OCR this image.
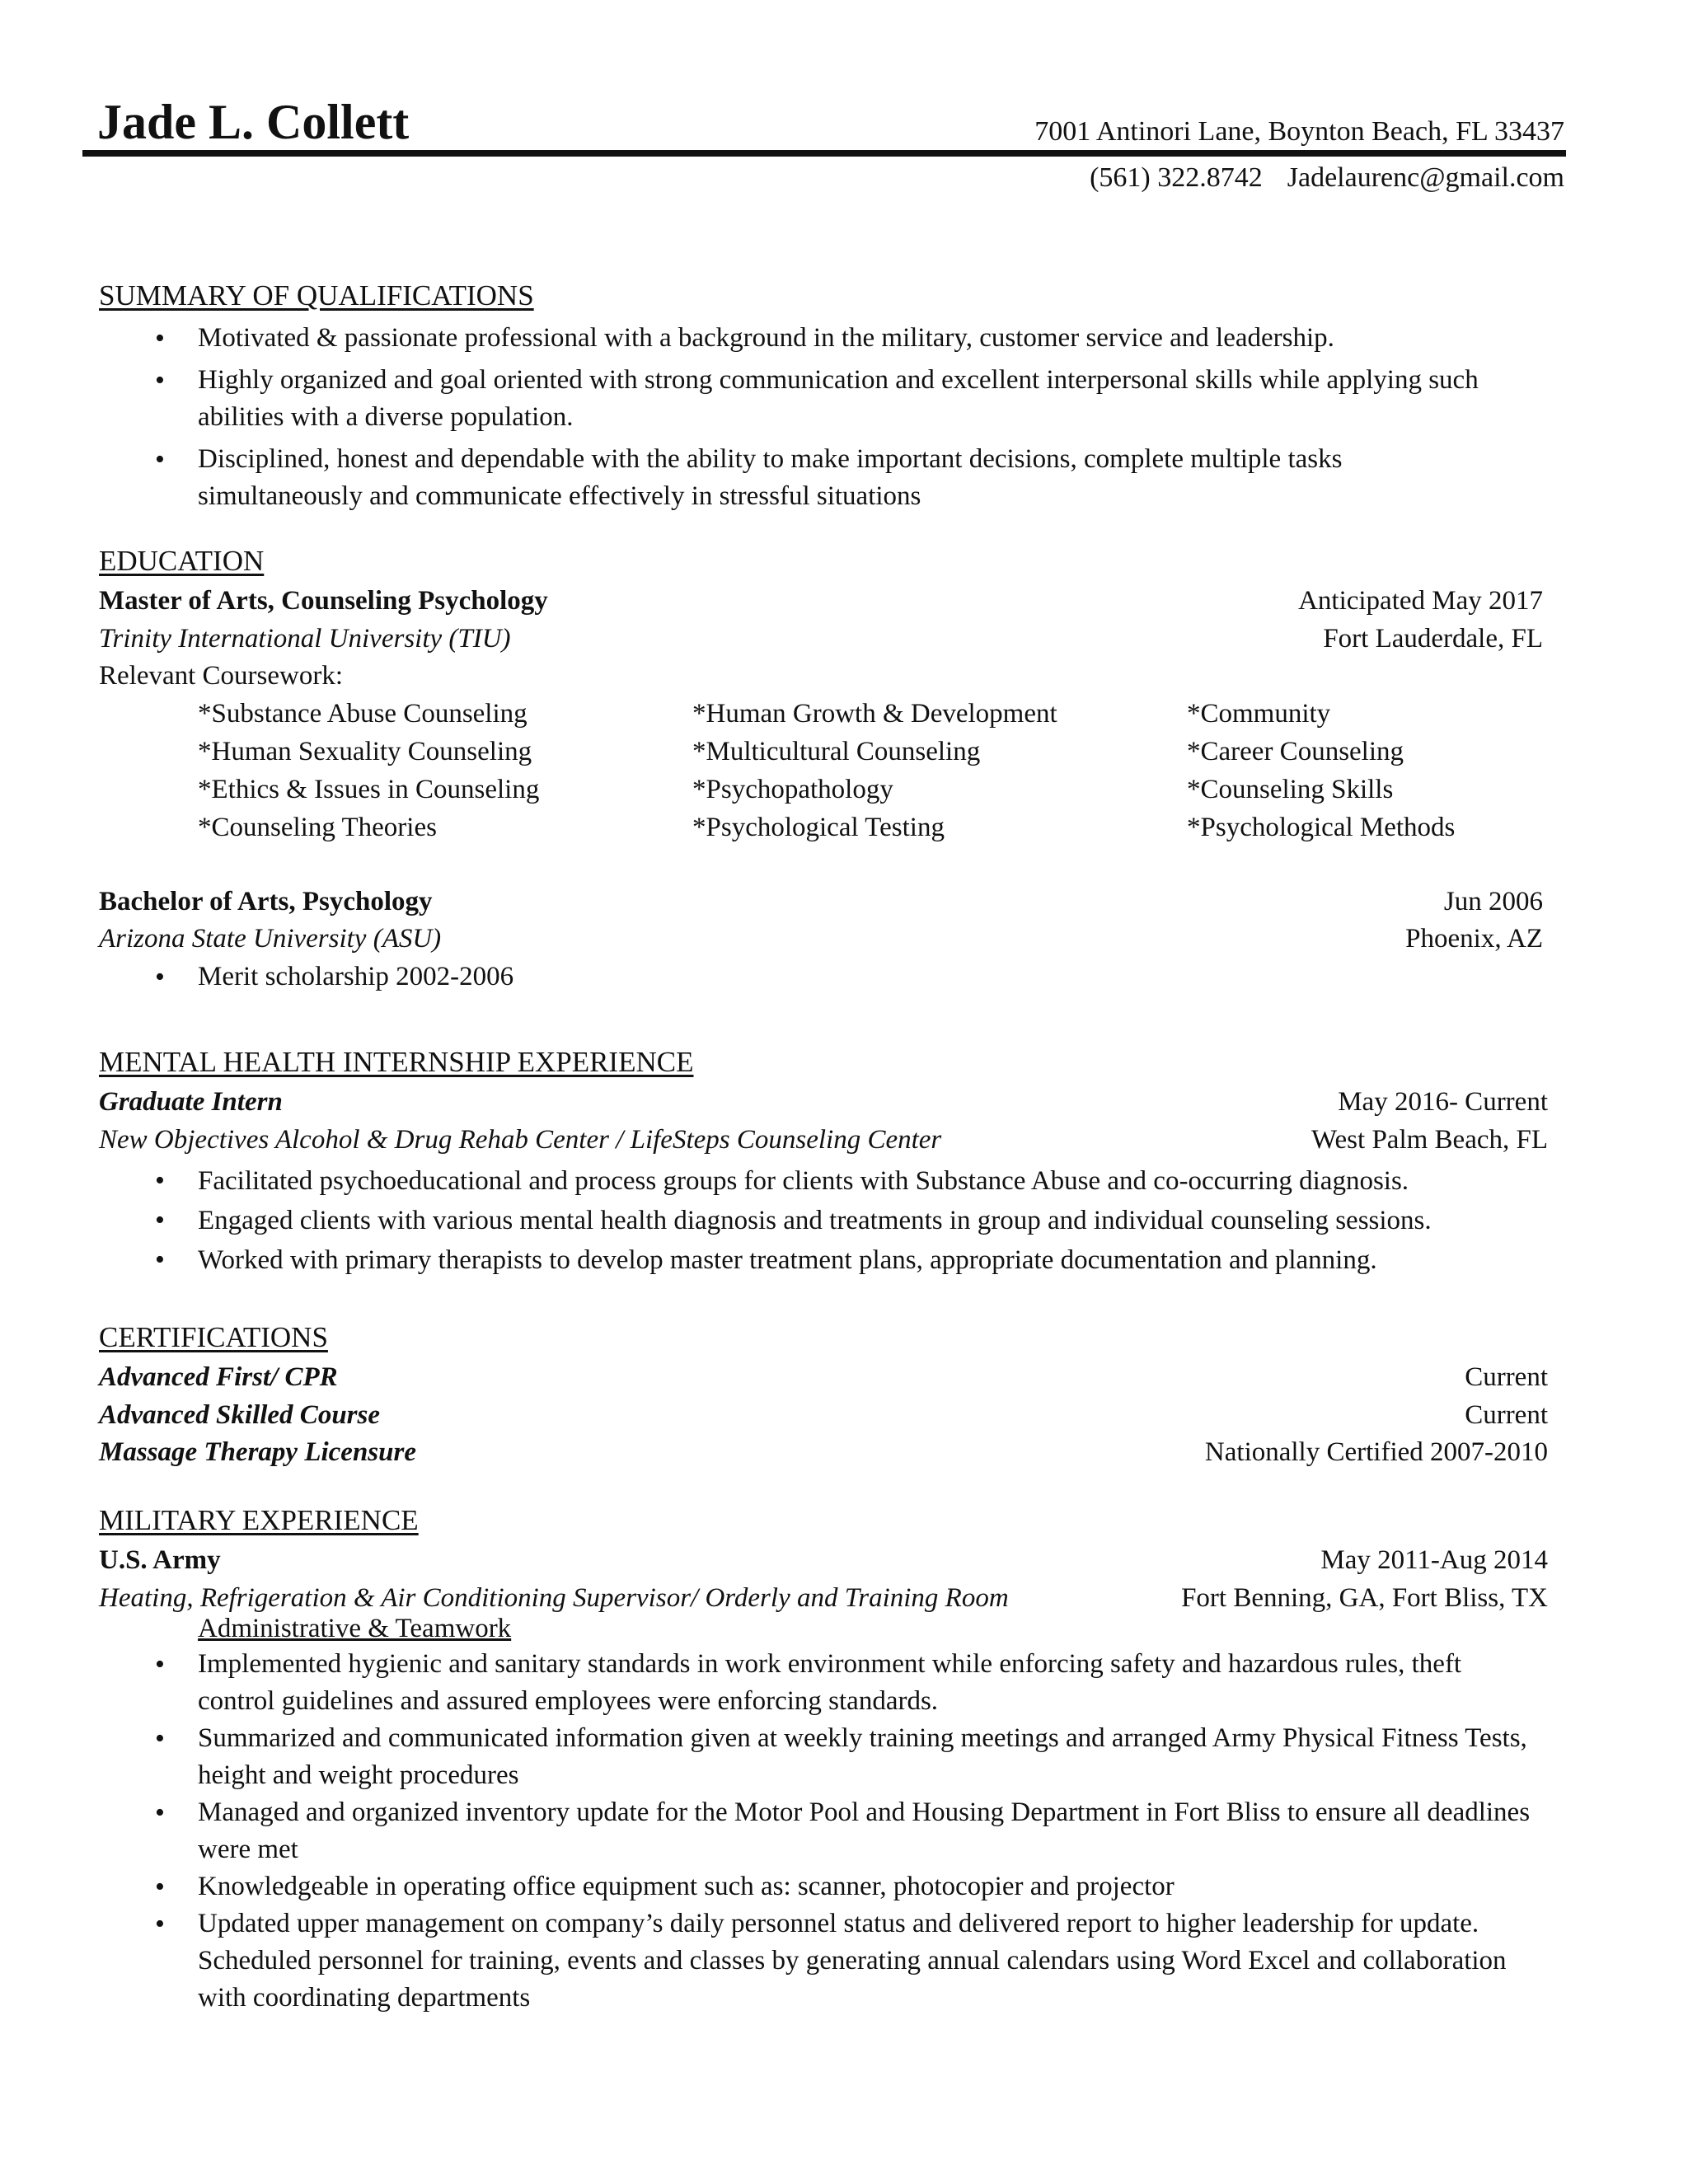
Jade L. Collett	7001 Antinori Lane, Boynton Beach, FL 33437
(561) 322.8742 Jadelaurenc@gmail.com
SUMMARY OF QUALIFICATIONS
• Motivated & passionate professional with a background in the military, customer service and leadership.
• Highly organized and goal oriented with strong communication and excellent interpersonal skills while applying such abilities with a diverse population.
• Disciplined, honest and dependable with the ability to make important decisions, complete multiple tasks simultaneously and communicate effectively in stressful situations
EDUCATION
Master of Arts, Counseling Psychology	Anticipated May 2017
Trinity International University (TIU)	Fort Lauderdale, FL
Relevant Coursework:
*Substance Abuse Counseling	*Human Growth & Development	*Community
*Human Sexuality Counseling	*Multicultural Counseling	*Career Counseling
*Ethics & Issues in Counseling	*Psychopathology	*Counseling Skills
*Counseling Theories	*Psychological Testing	*Psychological Methods
Bachelor of Arts, Psychology	Jun 2006
Arizona State University (ASU)	Phoenix, AZ
• Merit scholarship 2002-2006
MENTAL HEALTH INTERNSHIP EXPERIENCE
Graduate Intern	May 2016- Current
New Objectives Alcohol & Drug Rehab Center / LifeSteps Counseling Center	West Palm Beach, FL
• Facilitated psychoeducational and process groups for clients with Substance Abuse and co-occurring diagnosis.
• Engaged clients with various mental health diagnosis and treatments in group and individual counseling sessions.
• Worked with primary therapists to develop master treatment plans, appropriate documentation and planning.
CERTIFICATIONS
Advanced First/ CPR	Current
Advanced Skilled Course	Current
Massage Therapy Licensure	Nationally Certified 2007-2010
MILITARY EXPERIENCE
U.S. Army	May 2011-Aug 2014
Heating, Refrigeration & Air Conditioning Supervisor/ Orderly and Training Room	Fort Benning, GA, Fort Bliss, TX
Administrative & Teamwork
• Implemented hygienic and sanitary standards in work environment while enforcing safety and hazardous rules, theft control guidelines and assured employees were enforcing standards.
• Summarized and communicated information given at weekly training meetings and arranged Army Physical Fitness Tests, height and weight procedures
• Managed and organized inventory update for the Motor Pool and Housing Department in Fort Bliss to ensure all deadlines were met
• Knowledgeable in operating office equipment such as: scanner, photocopier and projector
• Updated upper management on company’s daily personnel status and delivered report to higher leadership for update. Scheduled personnel for training, events and classes by generating annual calendars using Word Excel and collaboration with coordinating departments
